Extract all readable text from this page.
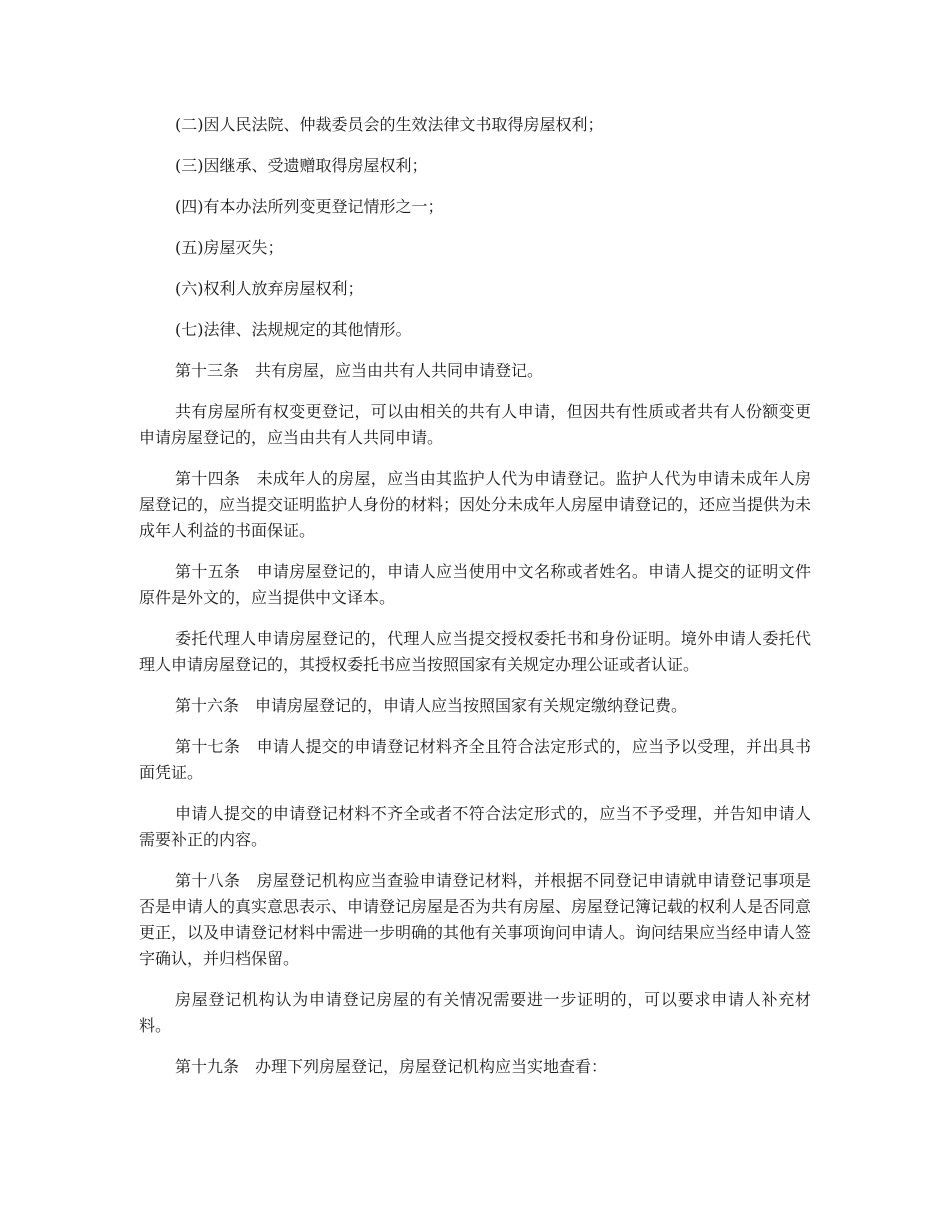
(二)因人民法院、仲裁委员会的生效法律文书取得房屋权利；

(三)因继承、受遗赠取得房屋权利；

(四)有本办法所列变更登记情形之一；

(五)房屋灭失；

(六)权利人放弃房屋权利；

(七)法律、法规规定的其他情形。

第十三条　共有房屋，应当由共有人共同申请登记。

共有房屋所有权变更登记，可以由相关的共有人申请，但因共有性质或者共有人份额变更申请房屋登记的，应当由共有人共同申请。

第十四条　未成年人的房屋，应当由其监护人代为申请登记。监护人代为申请未成年人房屋登记的，应当提交证明监护人身份的材料；因处分未成年人房屋申请登记的，还应当提供为未成年人利益的书面保证。

第十五条　申请房屋登记的，申请人应当使用中文名称或者姓名。申请人提交的证明文件原件是外文的，应当提供中文译本。

委托代理人申请房屋登记的，代理人应当提交授权委托书和身份证明。境外申请人委托代理人申请房屋登记的，其授权委托书应当按照国家有关规定办理公证或者认证。

第十六条　申请房屋登记的，申请人应当按照国家有关规定缴纳登记费。

第十七条　申请人提交的申请登记材料齐全且符合法定形式的，应当予以受理，并出具书面凭证。

申请人提交的申请登记材料不齐全或者不符合法定形式的，应当不予受理，并告知申请人需要补正的内容。

第十八条　房屋登记机构应当查验申请登记材料，并根据不同登记申请就申请登记事项是否是申请人的真实意思表示、申请登记房屋是否为共有房屋、房屋登记簿记载的权利人是否同意更正，以及申请登记材料中需进一步明确的其他有关事项询问申请人。询问结果应当经申请人签字确认，并归档保留。

房屋登记机构认为申请登记房屋的有关情况需要进一步证明的，可以要求申请人补充材料。

第十九条　办理下列房屋登记，房屋登记机构应当实地查看：
